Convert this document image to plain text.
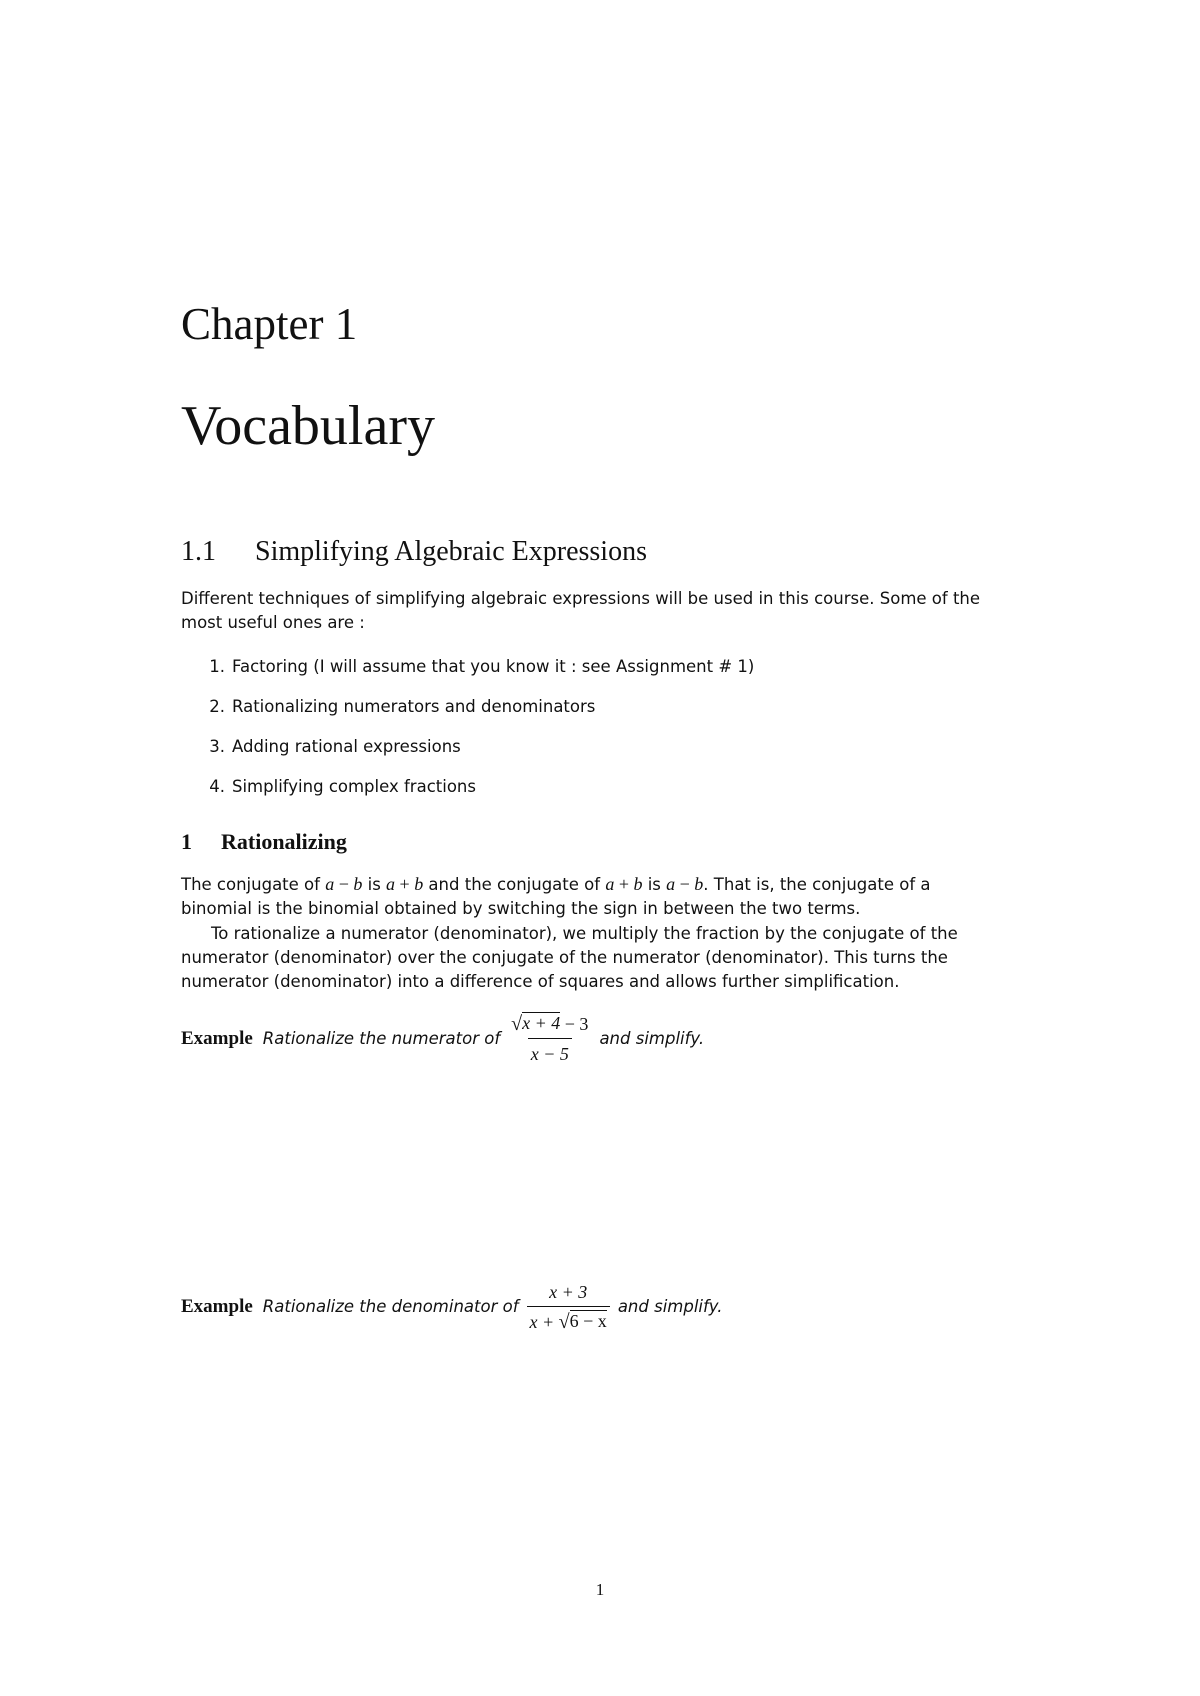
Chapter 1
Vocabulary
1.1 Simplifying Algebraic Expressions
Different techniques of simplifying algebraic expressions will be used in this course. Some of the
most useful ones are :
1. Factoring (I will assume that you know it : see Assignment # 1)
2. Rationalizing numerators and denominators
3. Adding rational expressions
4. Simplifying complex fractions
1 Rationalizing
The conjugate of a − b is a + b and the conjugate of a + b is a − b. That is, the conjugate of a
binomial is the binomial obtained by switching the sign in between the two terms.
To rationalize a numerator (denominator), we multiply the fraction by the conjugate of the
numerator (denominator) over the conjugate of the numerator (denominator). This turns the
numerator (denominator) into a difference of squares and allows further simplification.
Example Rationalize the numerator of $\frac{√ x + 4 - 3}{x - 5}$ and simplify.
Example Rationalize the denominator of $\frac{x + 3}{x + √ 6 - x}$ and simplify.
1
